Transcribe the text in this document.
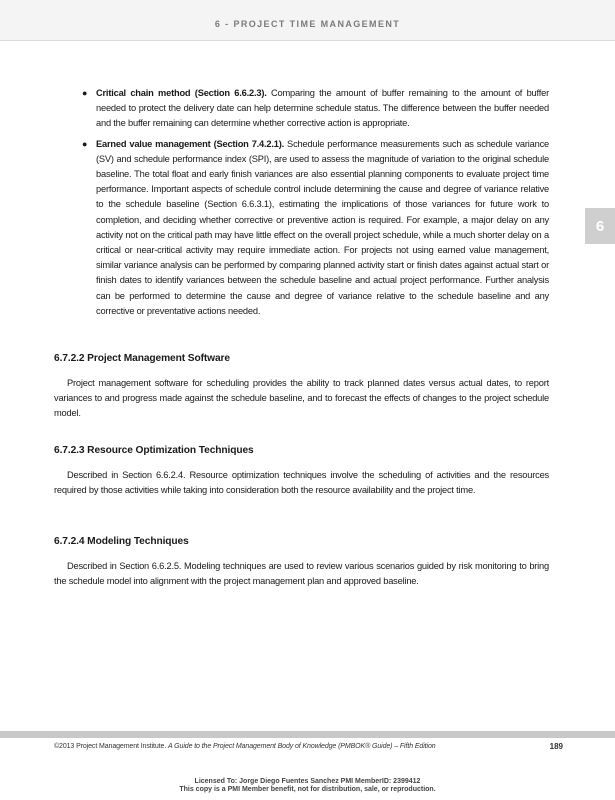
6 - PROJECT TIME MANAGEMENT
6
● Critical chain method (Section 6.6.2.3). Comparing the amount of buffer remaining to the amount of buffer needed to protect the delivery date can help determine schedule status. The difference between the buffer needed and the buffer remaining can determine whether corrective action is appropriate.
● Earned value management (Section 7.4.2.1). Schedule performance measurements such as schedule variance (SV) and schedule performance index (SPI), are used to assess the magnitude of variation to the original schedule baseline. The total float and early finish variances are also essential planning components to evaluate project time performance. Important aspects of schedule control include determining the cause and degree of variance relative to the schedule baseline (Section 6.6.3.1), estimating the implications of those variances for future work to completion, and deciding whether corrective or preventive action is required. For example, a major delay on any activity not on the critical path may have little effect on the overall project schedule, while a much shorter delay on a critical or near-critical activity may require immediate action. For projects not using earned value management, similar variance analysis can be performed by comparing planned activity start or finish dates against actual start or finish dates to identify variances between the schedule baseline and actual project performance. Further analysis can be performed to determine the cause and degree of variance relative to the schedule baseline and any corrective or preventative actions needed.
6.7.2.2 Project Management Software

Project management software for scheduling provides the ability to track planned dates versus actual dates, to report variances to and progress made against the schedule baseline, and to forecast the effects of changes to the project schedule model.

6.7.2.3 Resource Optimization Techniques

Described in Section 6.6.2.4. Resource optimization techniques involve the scheduling of activities and the resources required by those activities while taking into consideration both the resource availability and the project time.

6.7.2.4 Modeling Techniques

Described in Section 6.6.2.5. Modeling techniques are used to review various scenarios guided by risk monitoring to bring the schedule model into alignment with the project management plan and approved baseline.

©2013 Project Management Institute. A Guide to the Project Management Body of Knowledge (PMBOK® Guide) – Fifth Edition	189
Licensed To: Jorge Diego Fuentes Sanchez PMI MemberID: 2399412
This copy is a PMI Member benefit, not for distribution, sale, or reproduction.
